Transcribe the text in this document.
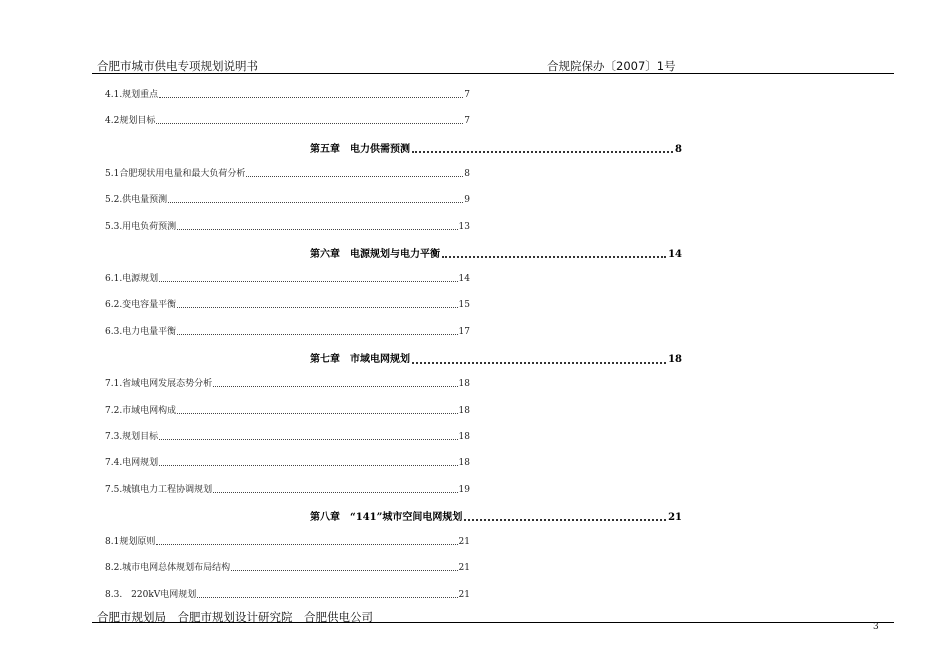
合肥市城市供电专项规划说明书	合规院保办〔2007〕1号
4.1.规划重点	7
4.2规划目标	7
第五章　电力供需预测	8
5.1合肥现状用电量和最大负荷分析	8
5.2.供电量预测	9
5.3.用电负荷预测	13
第六章　电源规划与电力平衡	14
6.1.电源规划	14
6.2.变电容量平衡	15
6.3.电力电量平衡	17
第七章　市域电网规划	18
7.1.省域电网发展态势分析	18
7.2.市域电网构成	18
7.3.规划目标	18
7.4.电网规划	18
7.5.城镇电力工程协调规划	19
第八章　“141”城市空间电网规划	21
8.1规划原则	21
8.2.城市电网总体规划布局结构	21
8.3.　220kV电网规划	21
合肥市规划局　合肥市规划设计研究院　合肥供电公司
3
